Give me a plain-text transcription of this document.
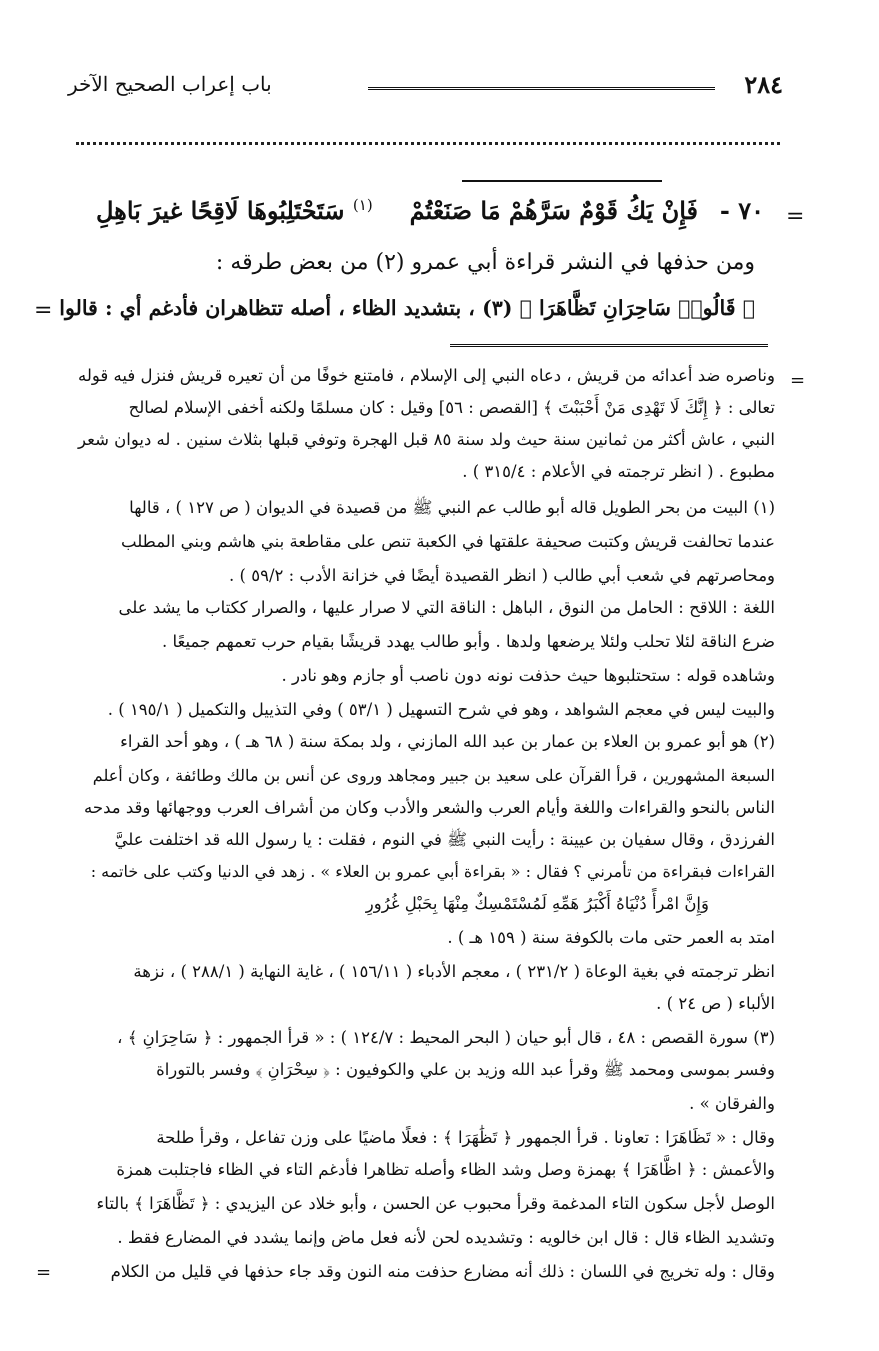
٢٨٤
باب إعراب الصحيح الآخر
=
٧٠ -
فَإِنْ يَكُ قَوْمٌ سَرَّهُمْ مَا صَنَعْتُمْ
$^{(١)}$ سَتَحْتَلِبُوهَا لَاقِحًا غيرَ بَاهِلِ
ومن حذفها في النشر قراءة أبي عمرو (٢) من بعض طرقه :
= ﴿ قَالُوا۟ سَاحِرَانِ تَظَّاهَرَا ﴾ (٣) ، بتشديد الظاء ، أصله تتظاهران فأدغم أي : قالوا
=
وناصره ضد أعدائه من قريش ، دعاه النبي إلى الإسلام ، فامتنع خوفًا من أن تعيره قريش فنزل فيه قوله
تعالى : ﴿ إِنَّكَ لَا تَهْدِى مَنْ أَحْبَبْتَ ﴾ [القصص : ٥٦] وقيل : كان مسلمًا ولكنه أخفى الإسلام لصالح
النبي ، عاش أكثر من ثمانين سنة حيث ولد سنة ٨٥ قبل الهجرة وتوفي قبلها بثلاث سنين . له ديوان شعر
مطبوع . ( انظر ترجمته في الأعلام : ٣١٥/٤ ) .
(١) البيت من بحر الطويل قاله أبو طالب عم النبي ﷺ من قصيدة في الديوان ( ص ١٢٧ ) ، قالها
عندما تحالفت قريش وكتبت صحيفة علقتها في الكعبة تنص على مقاطعة بني هاشم وبني المطلب
ومحاصرتهم في شعب أبي طالب ( انظر القصيدة أيضًا في خزانة الأدب : ٥٩/٢ ) .
اللغة : اللاقح : الحامل من النوق ، الباهل : الناقة التي لا صرار عليها ، والصرار ككتاب ما يشد على
ضرع الناقة لئلا تحلب ولئلا يرضعها ولدها . وأبو طالب يهدد قريشًا بقيام حرب تعمهم جميعًا .
وشاهده قوله : ستحتلبوها حيث حذفت نونه دون ناصب أو جازم وهو نادر .
والبيت ليس في معجم الشواهد ، وهو في شرح التسهيل ( ٥٣/١ ) وفي التذييل والتكميل ( ١٩٥/١ ) .
(٢) هو أبو عمرو بن العلاء بن عمار بن عبد الله المازني ، ولد بمكة سنة ( ٦٨ هـ ) ، وهو أحد القراء
السبعة المشهورين ، قرأ القرآن على سعيد بن جبير ومجاهد وروى عن أنس بن مالك وطائفة ، وكان أعلم
الناس بالنحو والقراءات واللغة وأيام العرب والشعر والأدب وكان من أشراف العرب ووجهائها وقد مدحه
الفرزدق ، وقال سفيان بن عيينة : رأيت النبي ﷺ في النوم ، فقلت : يا رسول الله قد اختلفت عليَّ
القراءات فبقراءة من تأمرني ؟ فقال : « بقراءة أبي عمرو بن العلاء » . زهد في الدنيا وكتب على خاتمه :
وَإِنَّ امْرأً دُنْيَاهُ أَكْبَرُ هَمِّهِ لَمُسْتَمْسِكٌ مِنْهَا بِحَبْلِ غُرُورِ
امتد به العمر حتى مات بالكوفة سنة ( ١٥٩ هـ ) .
انظر ترجمته في بغية الوعاة ( ٢٣١/٢ ) ، معجم الأدباء ( ١٥٦/١١ ) ، غاية النهاية ( ٢٨٨/١ ) ، نزهة
الألباء ( ص ٢٤ ) .
(٣) سورة القصص : ٤٨ ، قال أبو حيان ( البحر المحيط : ١٢٤/٧ ) : « قرأ الجمهور : ﴿ سَاحِرَانِ ﴾ ،
وفسر بموسى ومحمد ﷺ وقرأ عبد الله وزيد بن علي والكوفيون : ﴿ سِحْرَانِ ﴾ وفسر بالتوراة
والفرقان » .
وقال : « تَظَاهَرَا : تعاونا . قرأ الجمهور ﴿ تَظَٰهَرَا ﴾ : فعلًا ماضيًا على وزن تفاعل ، وقرأ طلحة
والأعمش : ﴿ اظَّاهَرَا ﴾ بهمزة وصل وشد الظاء وأصله تظاهرا فأدغم التاء في الظاء فاجتلبت همزة
الوصل لأجل سكون التاء المدغمة وقرأ محبوب عن الحسن ، وأبو خلاد عن اليزيدي : ﴿ تَظَّاهَرَا ﴾ بالتاء
وتشديد الظاء قال : قال ابن خالويه : وتشديده لحن لأنه فعل ماض وإنما يشدد في المضارع فقط .
وقال : وله تخريج في اللسان : ذلك أنه مضارع حذفت منه النون وقد جاء حذفها في قليل من الكلام
=
